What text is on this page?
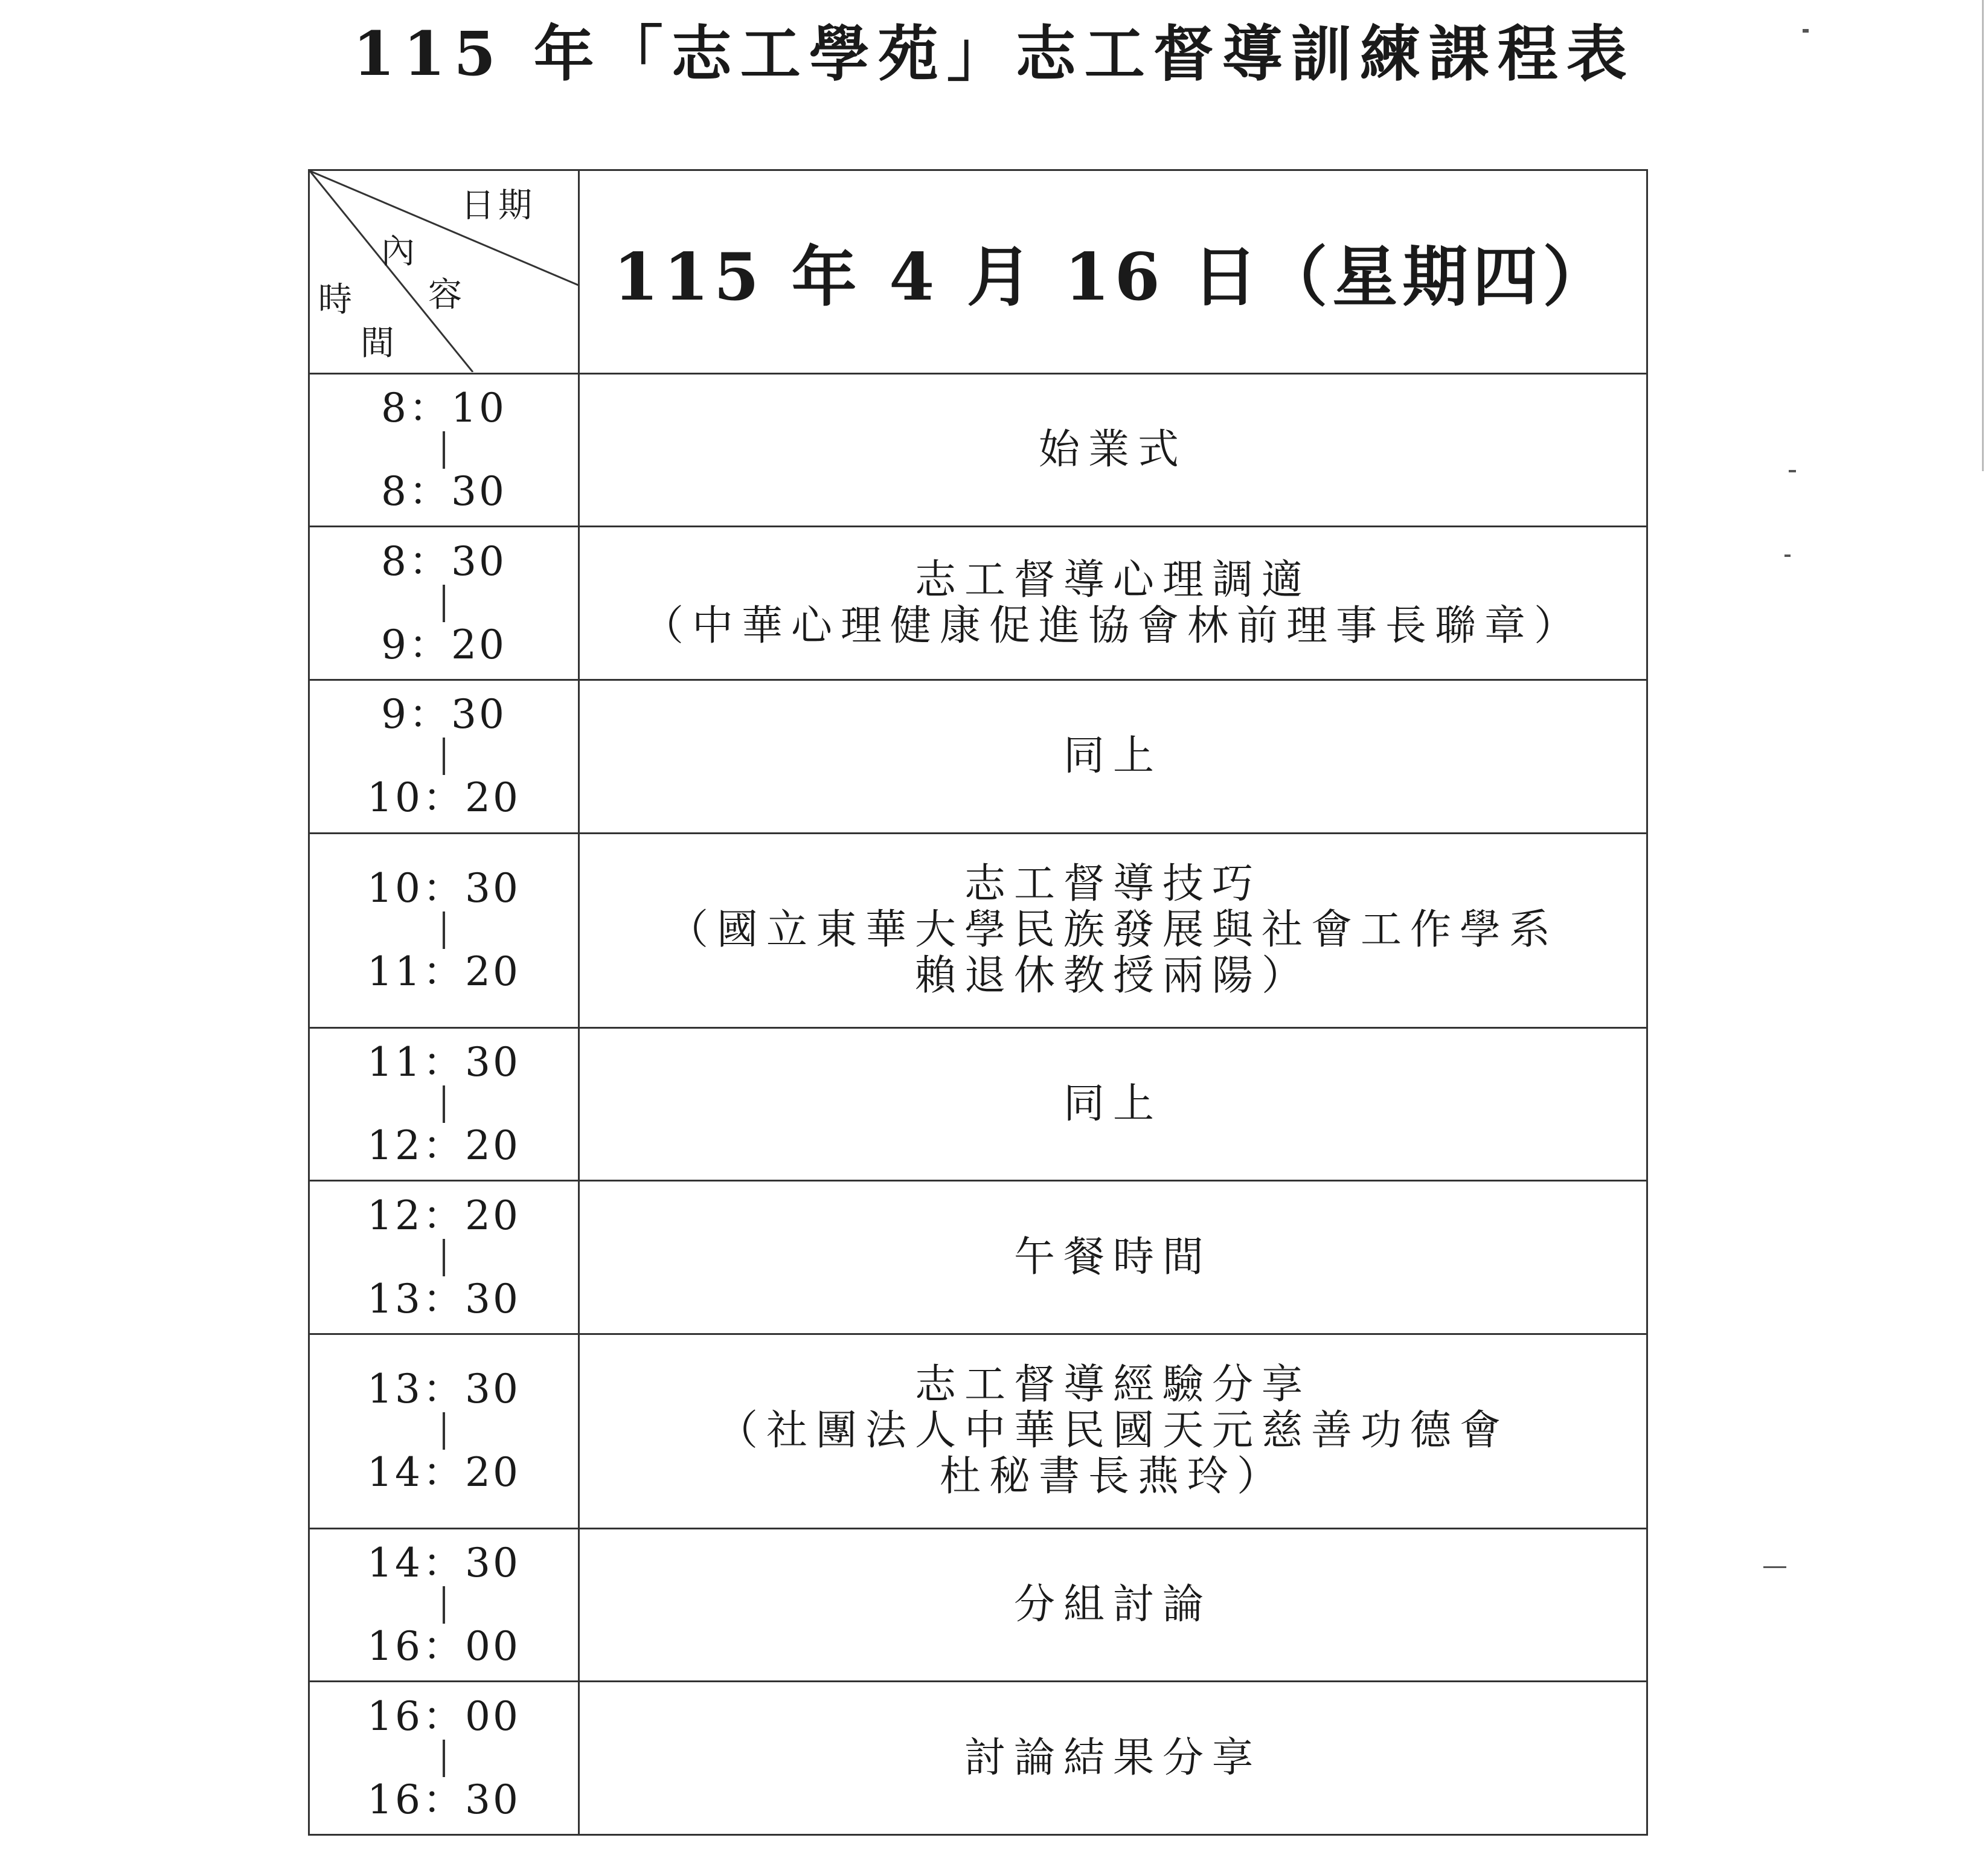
115 年「志工學苑」志工督導訓練課程表
日期
內
容
時
間	115 年 4 月 16 日（星期四）

8：10
8：30	始業式

8：30
9：20	志工督導心理調適
（中華心理健康促進協會林前理事長聯章）

9：30
10：20	同上

10：30
11：20	志工督導技巧
（國立東華大學民族發展與社會工作學系
賴退休教授兩陽）

11：30
12：20	同上

12：20
13：30	午餐時間

13：30
14：20	志工督導經驗分享
（社團法人中華民國天元慈善功德會
杜秘書長燕玲）

14：30
16：00	分組討論

16：00
16：30	討論結果分享
